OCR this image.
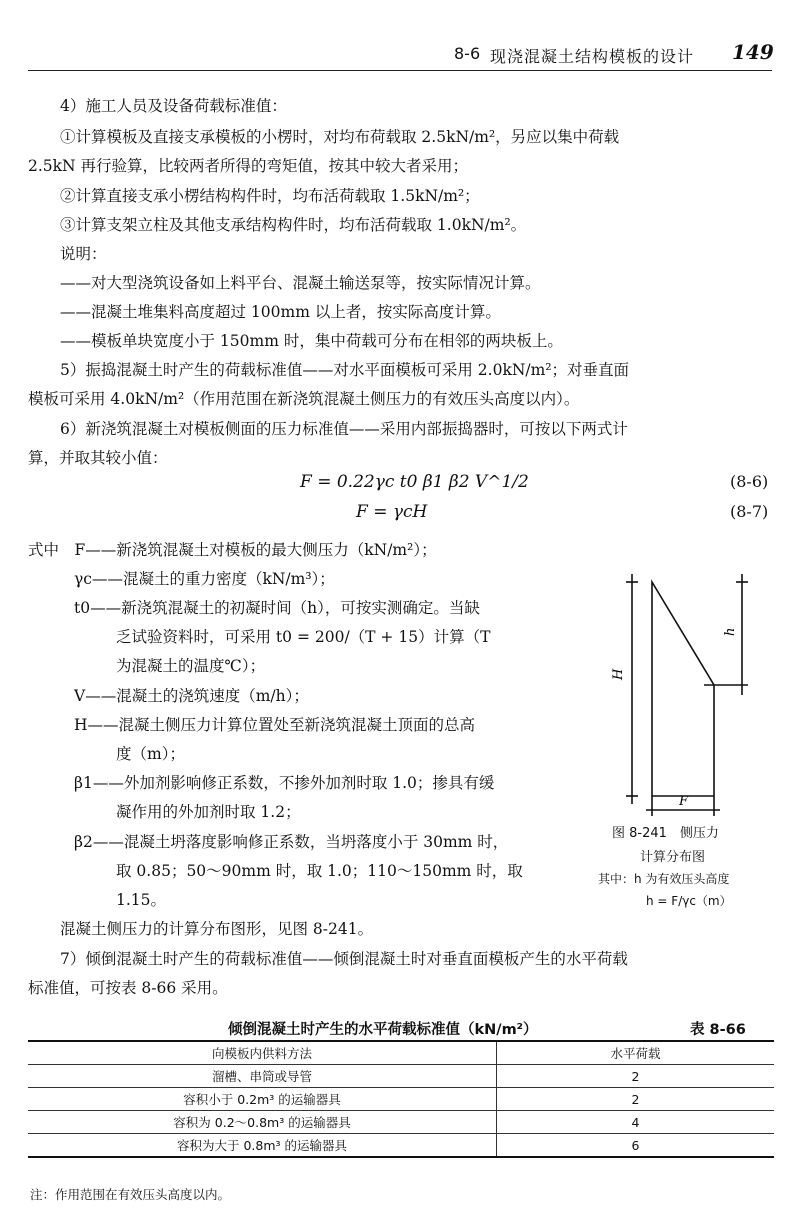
8-6 现浇混凝土结构模板的设计 149
4）施工人员及设备荷载标准值：
①计算模板及直接支承模板的小楞时，对均布荷载取 2.5kN/m²，另应以集中荷载
2.5kN 再行验算，比较两者所得的弯矩值，按其中较大者采用；
②计算直接支承小楞结构构件时，均布活荷载取 1.5kN/m²；
③计算支架立柱及其他支承结构构件时，均布活荷载取 1.0kN/m²。
说明：
——对大型浇筑设备如上料平台、混凝土输送泵等，按实际情况计算。
——混凝土堆集料高度超过 100mm 以上者，按实际高度计算。
——模板单块宽度小于 150mm 时，集中荷载可分布在相邻的两块板上。
5）振捣混凝土时产生的荷载标准值——对水平面模板可采用 2.0kN/m²；对垂直面
模板可采用 4.0kN/m²（作用范围在新浇筑混凝土侧压力的有效压头高度以内）。
6）新浇筑混凝土对模板侧面的压力标准值——采用内部振捣器时，可按以下两式计
算，并取其较小值：
式中　F——新浇筑混凝土对模板的最大侧压力（kN/m²）；
γc——混凝土的重力密度（kN/m³）；
t0——新浇筑混凝土的初凝时间（h），可按实测确定。当缺
乏试验资料时，可采用 t0 = 200/（T + 15）计算（T
为混凝土的温度℃）；
V——混凝土的浇筑速度（m/h）；
H——混凝土侧压力计算位置处至新浇筑混凝土顶面的总高
度（m）；
β1——外加剂影响修正系数，不掺外加剂时取 1.0；掺具有缓
凝作用的外加剂时取 1.2；
β2——混凝土坍落度影响修正系数，当坍落度小于 30mm 时，
取 0.85；50～90mm 时，取 1.0；110～150mm 时，取
1.15。
混凝土侧压力的计算分布图形，见图 8-241。
7）倾倒混凝土时产生的荷载标准值——倾倒混凝土时对垂直面模板产生的水平荷载
标准值，可按表 8-66 采用。
F = 0.22γc t0 β1 β2 V^1/2	(8-6)
F = γcH	(8-7)
H
h
F
图 8-241　侧压力
计算分布图
其中：h 为有效压头高度
h = F/γc（m）
倾倒混凝土时产生的水平荷载标准值（kN/m²）	表 8-66
向模板内供料方法	水平荷载
溜槽、串筒或导管	2
容积小于 0.2m³ 的运输器具	2
容积为 0.2～0.8m³ 的运输器具	4
容积为大于 0.8m³ 的运输器具	6
注：作用范围在有效压头高度以内。
